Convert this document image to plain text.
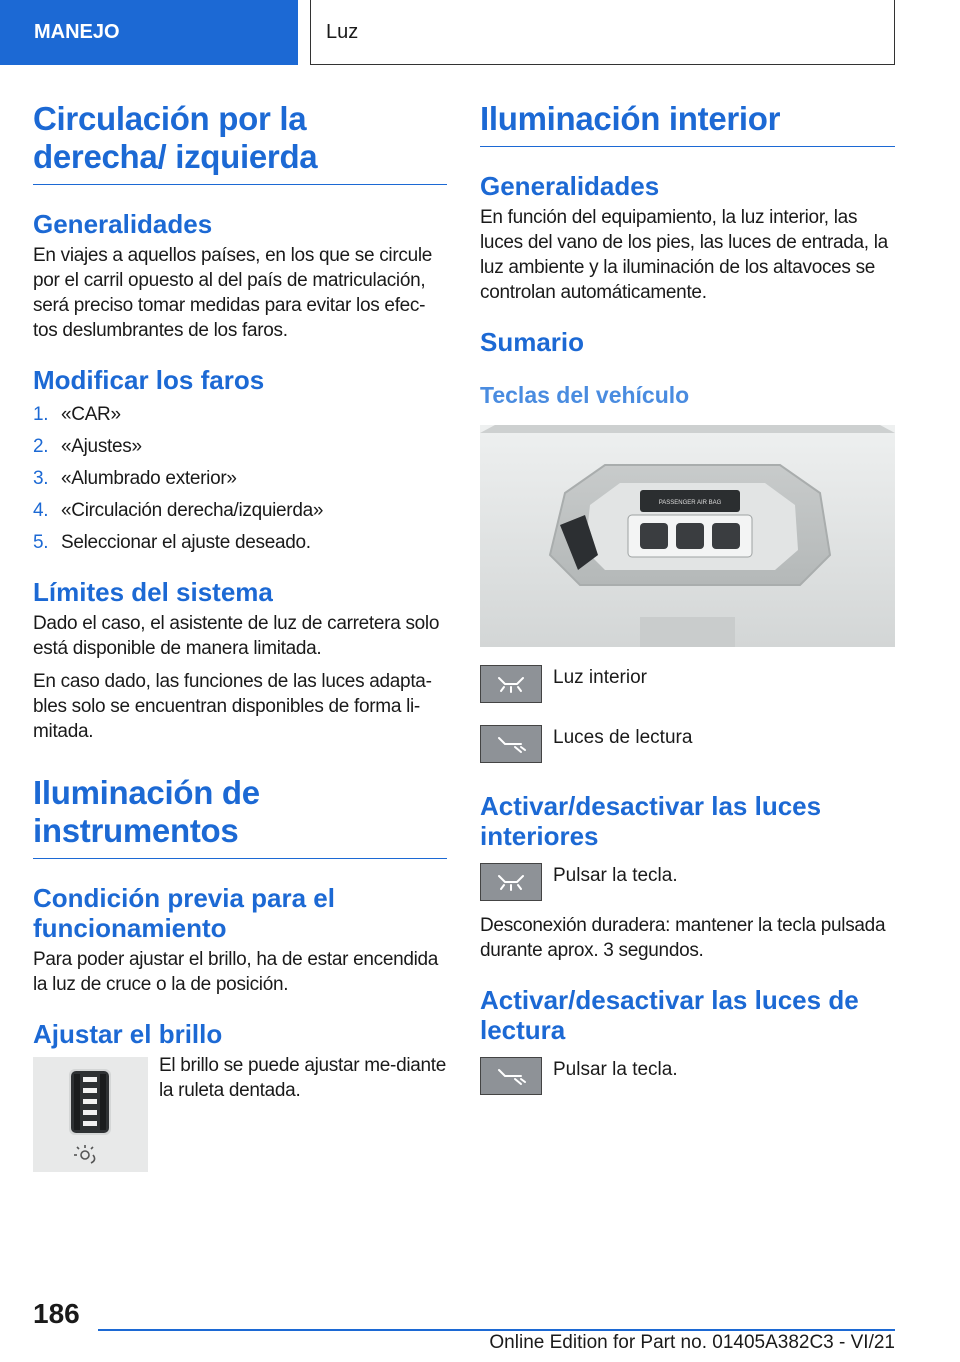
MANEJO	Luz
Circulación por la derecha/ izquierda
Generalidades

En viajes a aquellos países, en los que se circule por el carril opuesto al del país de matriculación, será preciso tomar medidas para evitar los efec-tos deslumbrantes de los faros.

Modificar los faros
1. «CAR»
2. «Ajustes»
3. «Alumbrado exterior»
4. «Circulación derecha/izquierda»
5. Seleccionar el ajuste deseado.
Límites del sistema

Dado el caso, el asistente de luz de carretera solo está disponible de manera limitada.

En caso dado, las funciones de las luces adapta-bles solo se encuentran disponibles de forma li-mitada.

Iluminación de instrumentos
Condición previa para el funcionamiento

Para poder ajustar el brillo, ha de estar encendida la luz de cruce o la de posición.

Ajustar el brillo

El brillo se puede ajustar me-diante la ruleta dentada.

Iluminación interior
Generalidades

En función del equipamiento, la luz interior, las luces del vano de los pies, las luces de entrada, la luz ambiente y la iluminación de los altavoces se controlan automáticamente.

Sumario
Teclas del vehículo
PASSENGER AIR BAG
Luz interior
Luces de lectura
Activar/desactivar las luces interiores
Pulsar la tecla.

Desconexión duradera: mantener la tecla pulsada durante aprox. 3 segundos.

Activar/desactivar las luces de lectura
Pulsar la tecla.
186
Online Edition for Part no. 01405A382C3 - VI/21
